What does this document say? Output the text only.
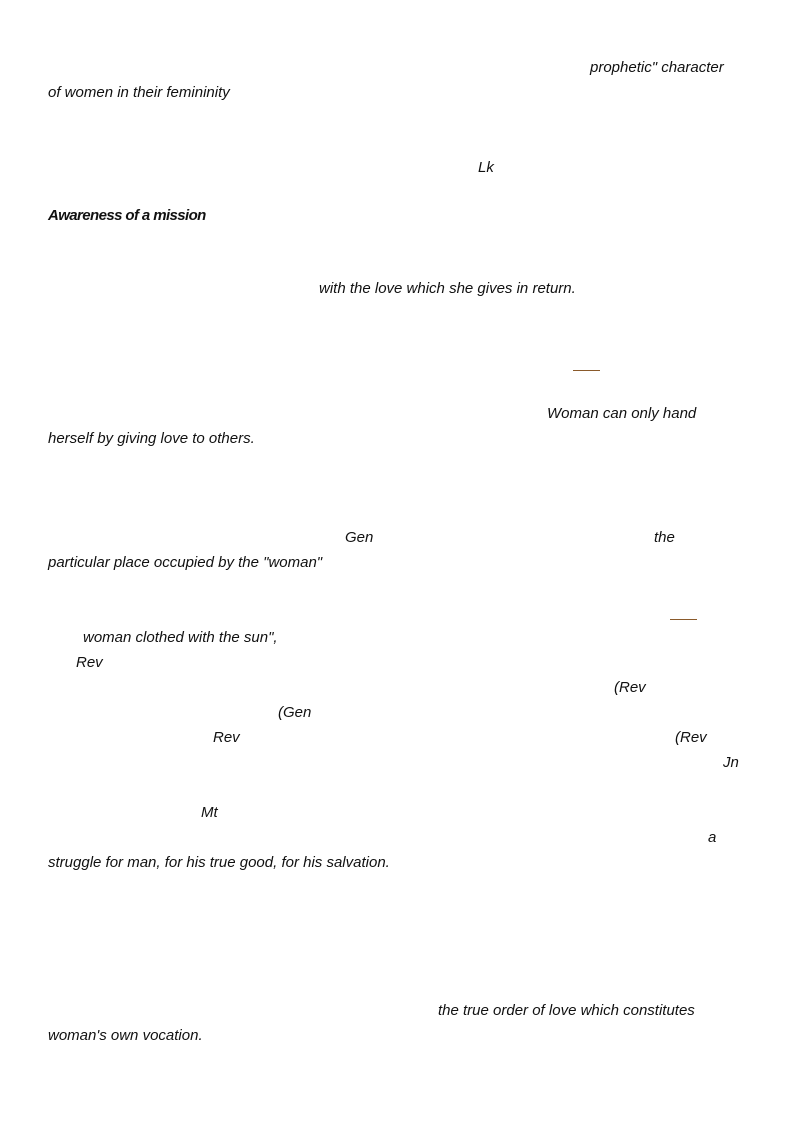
prophetic" character
of women in their femininity
Lk
Awareness of a mission
with the love which she gives in return.
Woman can only hand
herself by giving love to others.
Gen	the
particular place occupied by the "woman"
woman clothed with the sun",
Rev
(Rev
(Gen
Rev	(Rev
Jn
Mt
a
struggle for man, for his true good, for his salvation.
the true order of love which constitutes
woman's own vocation.
